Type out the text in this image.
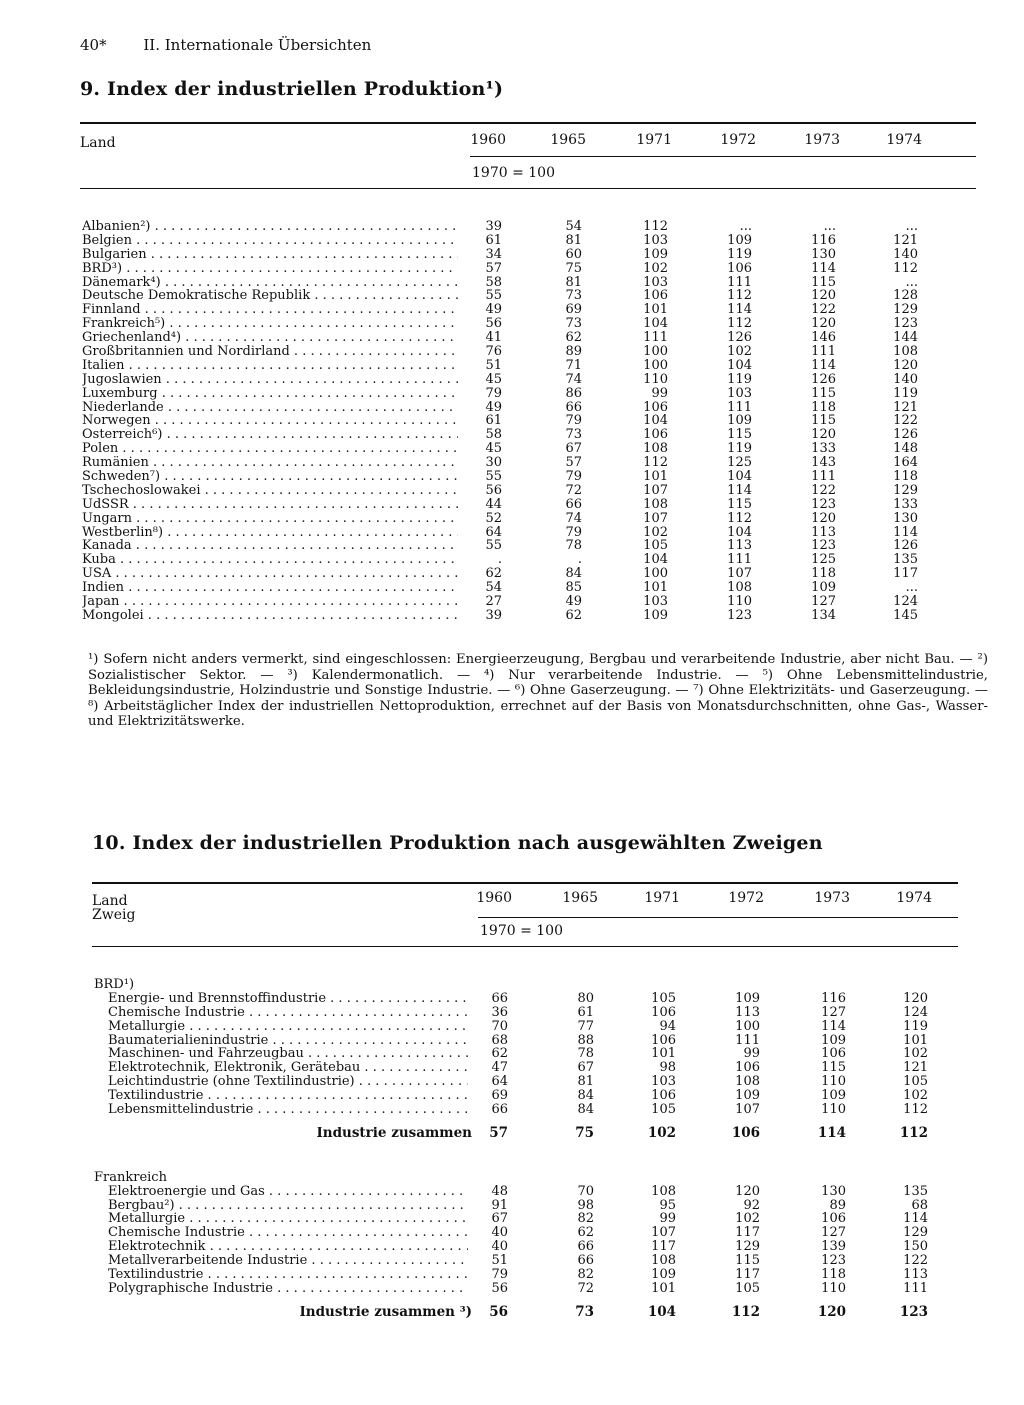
40* II. Internationale Übersichten
9. Index der industriellen Produktion¹)
Land	1960	1965	1971	1972	1973	1974
1970 = 100
Albanien²) . . .	39	54	112	...	...	...
Belgien . . .	61	81	103	109	116	121
Bulgarien . . .	34	60	109	119	130	140
BRD³) . . .	57	75	102	106	114	112
Dänemark⁴) . . .	58	81	103	111	115	...
Deutsche Demokratische Republik . . .	55	73	106	112	120	128
Finnland . . .	49	69	101	114	122	129
Frankreich⁵) . . .	56	73	104	112	120	123
Griechenland⁴) . . .	41	62	111	126	146	144
Großbritannien und Nordirland . . .	76	89	100	102	111	108
Italien . . .	51	71	100	104	114	120
Jugoslawien . . .	45	74	110	119	126	140
Luxemburg . . .	79	86	99	103	115	119
Niederlande . . .	49	66	106	111	118	121
Norwegen . . .	61	79	104	109	115	122
Österreich⁶) . . .	58	73	106	115	120	126
Polen . . .	45	67	108	119	133	148
Rumänien . . .	30	57	112	125	143	164
Schweden⁷) . . .	55	79	101	104	111	118
Tschechoslowakei . . .	56	72	107	114	122	129
UdSSR . . .	44	66	108	115	123	133
Ungarn . . .	52	74	107	112	120	130
Westberlin⁸) . . .	64	79	102	104	113	114
Kanada . . .	55	78	105	113	123	126
Kuba . . .	.	.	104	111	125	135
USA . . .	62	84	100	107	118	117
Indien . . .	54	85	101	108	109	...
Japan . . .	27	49	103	110	127	124
Mongolei . . .	39	62	109	123	134	145
¹) Sofern nicht anders vermerkt, sind eingeschlossen: Energieerzeugung, Bergbau und verarbeitende Industrie, aber nicht Bau. — ²) Sozialistischer Sektor. — ³) Kalendermonatlich. — ⁴) Nur verarbeitende Industrie. — ⁵) Ohne Lebensmittelindustrie, Bekleidungsindustrie, Holzindustrie und Sonstige Industrie. — ⁶) Ohne Gaserzeugung. — ⁷) Ohne Elektrizitäts- und Gaserzeugung. — ⁸) Arbeitstäglicher Index der industriellen Nettoproduktion, errechnet auf der Basis von Monatsdurchschnitten, ohne Gas-, Wasser- und Elektrizitätswerke.
10. Index der industriellen Produktion nach ausgewählten Zweigen
Land
Zweig
1960	1965	1971	1972	1973	1974
1970 = 100
BRD¹)
Energie- und Brennstoffindustrie . . .	66	80	105	109	116	120
Chemische Industrie . . .	36	61	106	113	127	124
Metallurgie . . .	70	77	94	100	114	119
Baumaterialienindustrie . . .	68	88	106	111	109	101
Maschinen- und Fahrzeugbau . . .	62	78	101	99	106	102
Elektrotechnik, Elektronik, Gerätebau . . .	47	67	98	106	115	121
Leichtindustrie (ohne Textilindustrie) . . .	64	81	103	108	110	105
Textilindustrie . . .	69	84	106	109	109	102
Lebensmittelindustrie . . .	66	84	105	107	110	112
Industrie zusammen	57	75	102	106	114	112
Frankreich
Elektroenergie und Gas . . .	48	70	108	120	130	135
Bergbau²) . . .	91	98	95	92	89	68
Metallurgie . . .	67	82	99	102	106	114
Chemische Industrie . . .	40	62	107	117	127	129
Elektrotechnik . . .	40	66	117	129	139	150
Metallverarbeitende Industrie . . .	51	66	108	115	123	122
Textilindustrie . . .	79	82	109	117	118	113
Polygraphische Industrie . . .	56	72	101	105	110	111
Industrie zusammen ³)	56	73	104	112	120	123
